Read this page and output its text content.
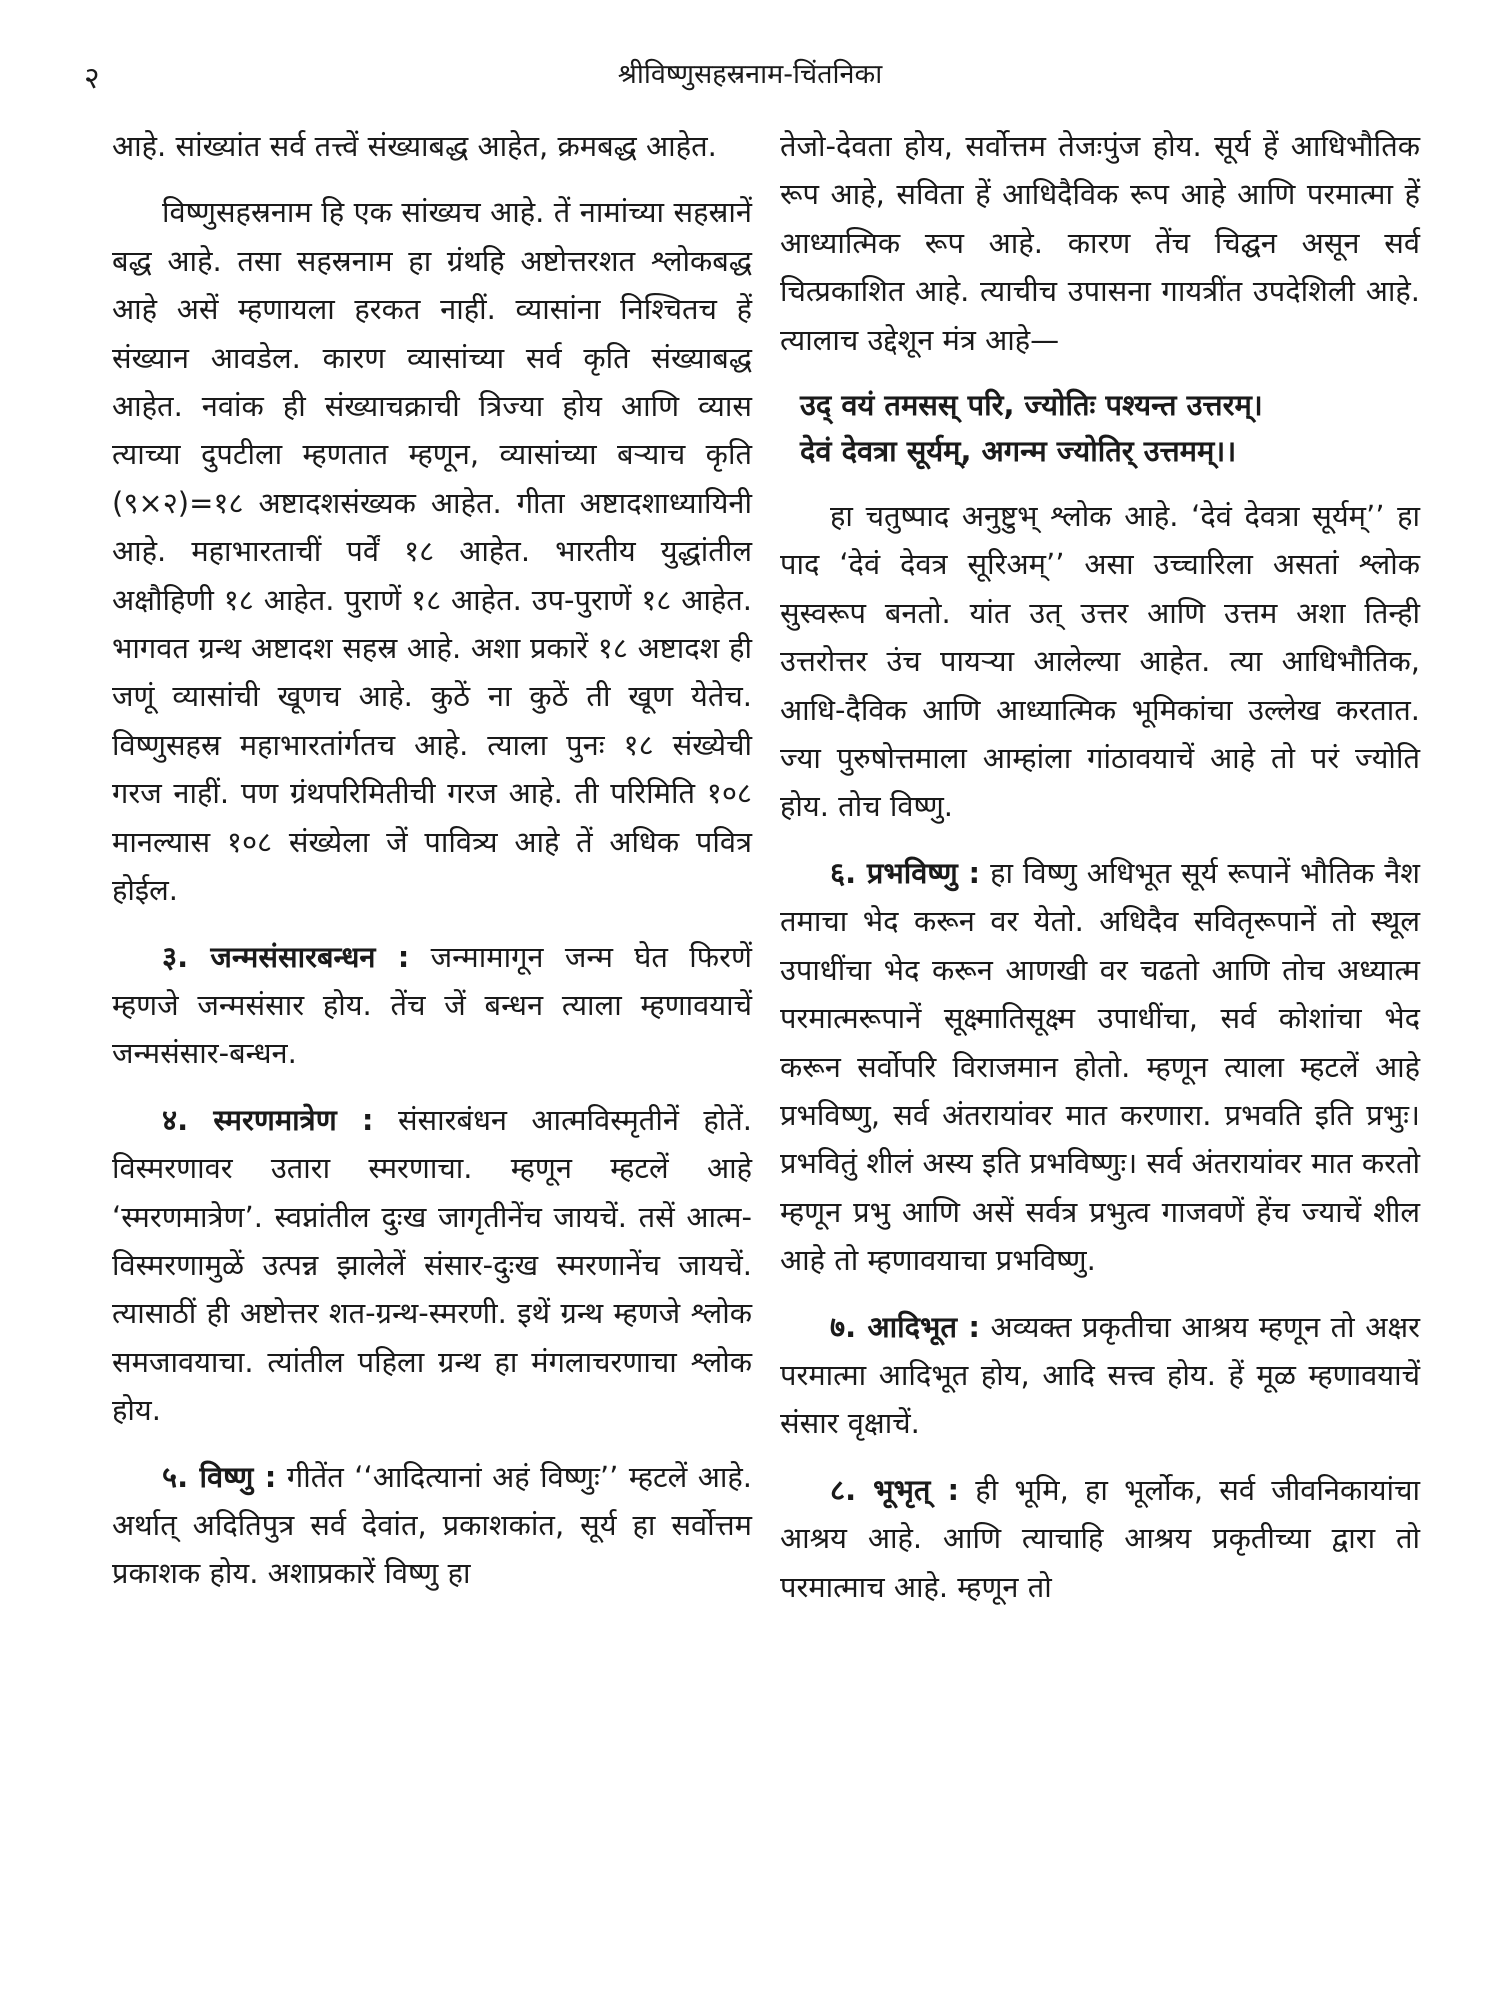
२	श्रीविष्णुसहस्रनाम-चिंतनिका

आहे. सांख्यांत सर्व तत्त्वें संख्याबद्ध आहेत, क्रमबद्ध आहेत.

विष्णुसहस्रनाम हि एक सांख्यच आहे. तें नामांच्या सहस्रानें बद्ध आहे. तसा सहस्रनाम हा ग्रंथहि अष्टोत्तरशत श्लोकबद्ध आहे असें म्हणायला हरकत नाहीं. व्यासांना निश्चितच हें संख्यान आवडेल. कारण व्यासांच्या सर्व कृति संख्याबद्ध आहेत. नवांक ही संख्याचक्राची त्रिज्या होय आणि व्यास त्याच्या दुपटीला म्हणतात म्हणून, व्यासांच्या बऱ्याच कृति (९×२)=१८ अष्टादशसंख्यक आहेत. गीता अष्टादशाध्यायिनी आहे. महाभारताचीं पर्वें १८ आहेत. भारतीय युद्धांतील अक्षौहिणी १८ आहेत. पुराणें १८ आहेत. उप-पुराणें १८ आहेत. भागवत ग्रन्थ अष्टादश सहस्र आहे. अशा प्रकारें १८ अष्टादश ही जणूं व्यासांची खूणच आहे. कुठें ना कुठें ती खूण येतेच. विष्णुसहस्र महाभारतांर्गतच आहे. त्याला पुनः १८ संख्येची गरज नाहीं. पण ग्रंथपरिमितीची गरज आहे. ती परिमिति १०८ मानल्यास १०८ संख्येला जें पावित्र्य आहे तें अधिक पवित्र होईल.

३. जन्मसंसारबन्धन : जन्मामागून जन्म घेत फिरणें म्हणजे जन्मसंसार होय. तेंच जें बन्धन त्याला म्हणावयाचें जन्मसंसार-बन्धन.

४. स्मरणमात्रेण : संसारबंधन आत्मविस्मृतीनें होतें. विस्मरणावर उतारा स्मरणाचा. म्हणून म्हटलें आहे ‘स्मरणमात्रेण’. स्वप्नांतील दुःख जागृतीनेंच जायचें. तसें आत्म-विस्मरणामुळें उत्पन्न झालेलें संसार-दुःख स्मरणानेंच जायचें. त्यासाठीं ही अष्टोत्तर शत-ग्रन्थ-स्मरणी. इथें ग्रन्थ म्हणजे श्लोक समजावयाचा. त्यांतील पहिला ग्रन्थ हा मंगलाचरणाचा श्लोक होय.

५. विष्णु : गीतेंत ‘‘आदित्यानां अहं विष्णुः’’ म्हटलें आहे. अर्थात् अदितिपुत्र सर्व देवांत, प्रकाशकांत, सूर्य हा सर्वोत्तम प्रकाशक होय. अशाप्रकारें विष्णु हा

तेजो-देवता होय, सर्वोत्तम तेजःपुंज होय. सूर्य हें आधिभौतिक रूप आहे, सविता हें आधिदैविक रूप आहे आणि परमात्मा हें आध्यात्मिक रूप आहे. कारण तेंच चिद्घन असून सर्व चित्प्रकाशित आहे. त्याचीच उपासना गायत्रींत उपदेशिली आहे. त्यालाच उद्देशून मंत्र आहे—

उद् वयं तमसस् परि, ज्योतिः पश्यन्त उत्तरम्।
देवं देवत्रा सूर्यम्, अगन्म ज्योतिर् उत्तमम्।।

हा चतुष्पाद अनुष्टुभ् श्लोक आहे. ‘देवं देवत्रा सूर्यम्’’ हा पाद ‘देवं देवत्र सूरिअम्’’ असा उच्चारिला असतां श्लोक सुस्वरूप बनतो. यांत उत् उत्तर आणि उत्तम अशा तिन्ही उत्तरोत्तर उंच पायऱ्या आलेल्या आहेत. त्या आधिभौतिक, आधि-दैविक आणि आध्यात्मिक भूमिकांचा उल्लेख करतात. ज्या पुरुषोत्तमाला आम्हांला गांठावयाचें आहे तो परं ज्योति होय. तोच विष्णु.

६. प्रभविष्णु : हा विष्णु अधिभूत सूर्य रूपानें भौतिक नैश तमाचा भेद करून वर येतो. अधिदैव सवितृरूपानें तो स्थूल उपाधींचा भेद करून आणखी वर चढतो आणि तोच अध्यात्म परमात्मरूपानें सूक्ष्मातिसूक्ष्म उपाधींचा, सर्व कोशांचा भेद करून सर्वोपरि विराजमान होतो. म्हणून त्याला म्हटलें आहे प्रभविष्णु, सर्व अंतरायांवर मात करणारा. प्रभवति इति प्रभुः। प्रभवितुं शीलं अस्य इति प्रभविष्णुः। सर्व अंतरायांवर मात करतो म्हणून प्रभु आणि असें सर्वत्र प्रभुत्व गाजवणें हेंच ज्याचें शील आहे तो म्हणावयाचा प्रभविष्णु.

७. आदिभूत : अव्यक्त प्रकृतीचा आश्रय म्हणून तो अक्षर परमात्मा आदिभूत होय, आदि सत्त्व होय. हें मूळ म्हणावयाचें संसार वृक्षाचें.

८. भूभृत् : ही भूमि, हा भूर्लोक, सर्व जीवनिकायांचा आश्रय आहे. आणि त्याचाहि आश्रय प्रकृतीच्या द्वारा तो परमात्माच आहे. म्हणून तो
